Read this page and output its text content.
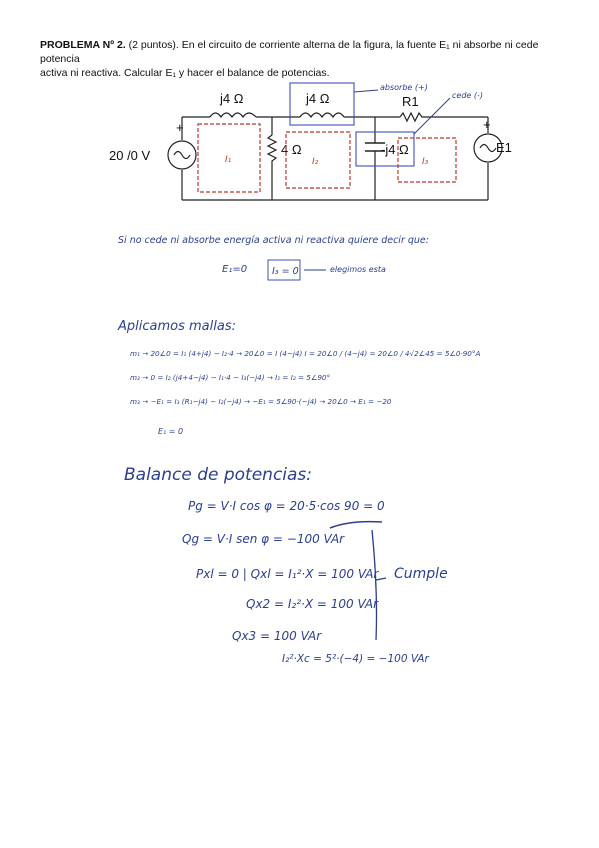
PROBLEMA Nº 2. (2 puntos). En el circuito de corriente alterna de la figura, la fuente E₁ ni absorbe ni cede potencia
activa ni reactiva. Calcular E₁ y hacer el balance de potencias.
+	+
j4 Ω	j4 Ω
4 Ω	-j4 Ω
R1
E1
20 /0 V	I₁	I₂	I₃
absorbe (+)
cede (-)
Si no cede ni absorbe energía activa ni reactiva quiere decir que:
E₁=0	I₃ = 0	elegimos esta
Aplicamos mallas:
m₁ → 20∠0 = I₁ (4+j4) − I₂·4 → 20∠0 = I (4−j4) I = 20∠0 / (4−j4) = 20∠0 / 4√2∠45 = 5∠0·90°A
m₂ → 0 = I₂ (j4+4−j4) − I₁·4 − I₃(−j4) → I₁ = I₂ = 5∠90°
m₃ → −E₁ = I₃ (R₁−j4) − I₂(−j4) → −E₁ = 5∠90·(−j4) → 20∠0 → E₁ = −20
E₁ = 0
Balance de potencias:
Pg = V·I cos φ = 20·5·cos 90 = 0
Qg = V·I sen φ = −100 VAr
Pxl = 0 | Qxl = I₁²·X = 100 VAr
Qx2 = I₂²·X = 100 VAr
Qx3 = 100 VAr
Cumple
I₂²·Xc = 5²·(−4) = −100 VAr
